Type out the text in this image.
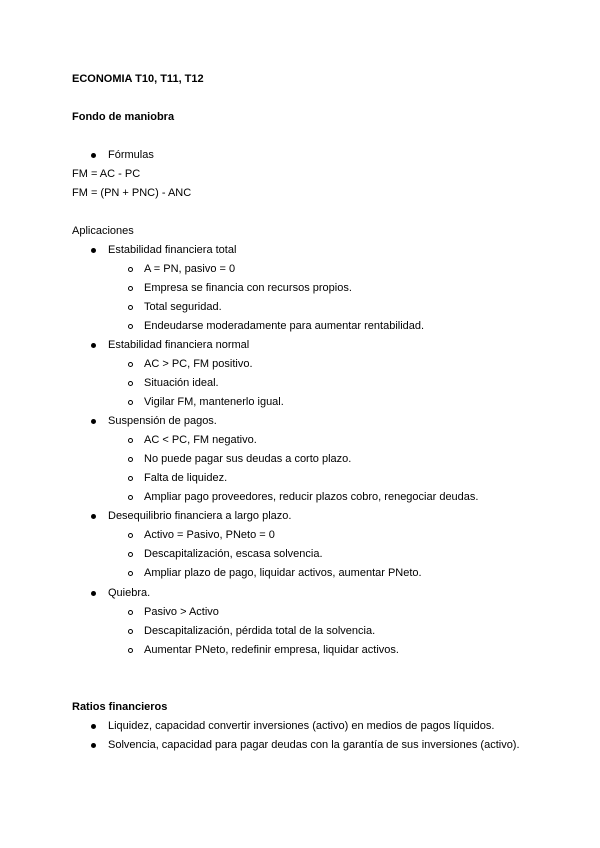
ECONOMIA T10, T11, T12
Fondo de maniobra
Fórmulas
FM = AC - PC
FM = (PN + PNC) - ANC
Aplicaciones
Estabilidad financiera total
A = PN, pasivo = 0
Empresa se financia con recursos propios.
Total seguridad.
Endeudarse moderadamente para aumentar rentabilidad.
Estabilidad financiera normal
AC > PC, FM positivo.
Situación ideal.
Vigilar FM, mantenerlo igual.
Suspensión de pagos.
AC < PC, FM negativo.
No puede pagar sus deudas a corto plazo.
Falta de liquidez.
Ampliar pago proveedores, reducir plazos cobro, renegociar deudas.
Desequilibrio financiera a largo plazo.
Activo = Pasivo, PNeto = 0
Descapitalización, escasa solvencia.
Ampliar plazo de pago, liquidar activos, aumentar PNeto.
Quiebra.
Pasivo > Activo
Descapitalización, pérdida total de la solvencia.
Aumentar PNeto, redefinir empresa, liquidar activos.
Ratios financieros
Liquidez, capacidad convertir inversiones (activo) en medios de pagos líquidos.
Solvencia, capacidad para pagar deudas con la garantía de sus inversiones (activo).
